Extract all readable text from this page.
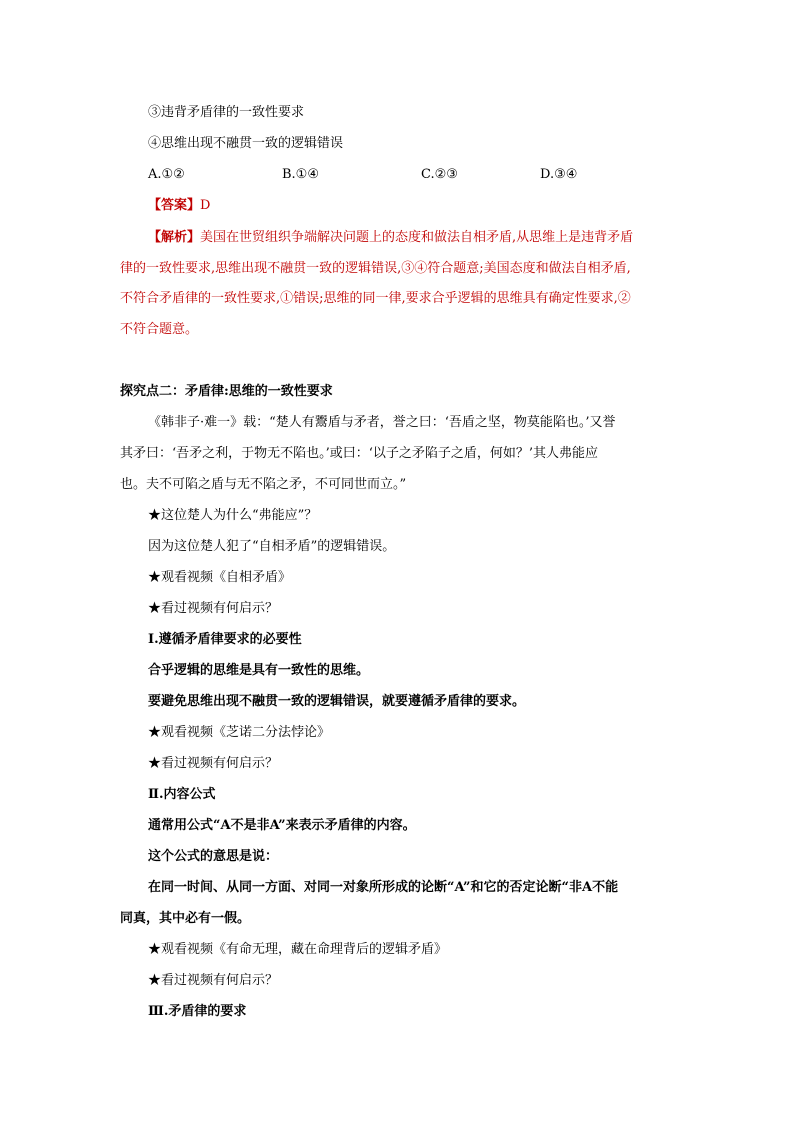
③违背矛盾律的一致性要求
④思维出现不融贯一致的逻辑错误
A.①②	B.①④	C.②③	D.③④
【答案】D
【解析】美国在世贸组织争端解决问题上的态度和做法自相矛盾,从思维上是违背矛盾
律的一致性要求,思维出现不融贯一致的逻辑错误,③④符合题意;美国态度和做法自相矛盾,
不符合矛盾律的一致性要求,①错误;思维的同一律,要求合乎逻辑的思维具有确定性要求,②
不符合题意。
探究点二：矛盾律:思维的一致性要求
《韩非子·难一》载：“楚人有鬻盾与矛者，誉之曰：‘吾盾之坚，物莫能陷也。’又誉
其矛曰：‘吾矛之利，于物无不陷也。’或曰：‘以子之矛陷子之盾，何如？’其人弗能应
也。夫不可陷之盾与无不陷之矛，不可同世而立。”
★这位楚人为什么“弗能应”？
因为这位楚人犯了“自相矛盾”的逻辑错误。
★观看视频《自相矛盾》
★看过视频有何启示？
Ⅰ.遵循矛盾律要求的必要性
合乎逻辑的思维是具有一致性的思维。
要避免思维出现不融贯一致的逻辑错误，就要遵循矛盾律的要求。
★观看视频《芝诺二分法悖论》
★看过视频有何启示？
Ⅱ.内容公式
通常用公式“A不是非A”来表示矛盾律的内容。
这个公式的意思是说：
在同一时间、从同一方面、对同一对象所形成的论断“A”和它的否定论断“非A不能
同真，其中必有一假。
★观看视频《有命无理，藏在命理背后的逻辑矛盾》
★看过视频有何启示？
Ⅲ.矛盾律的要求
